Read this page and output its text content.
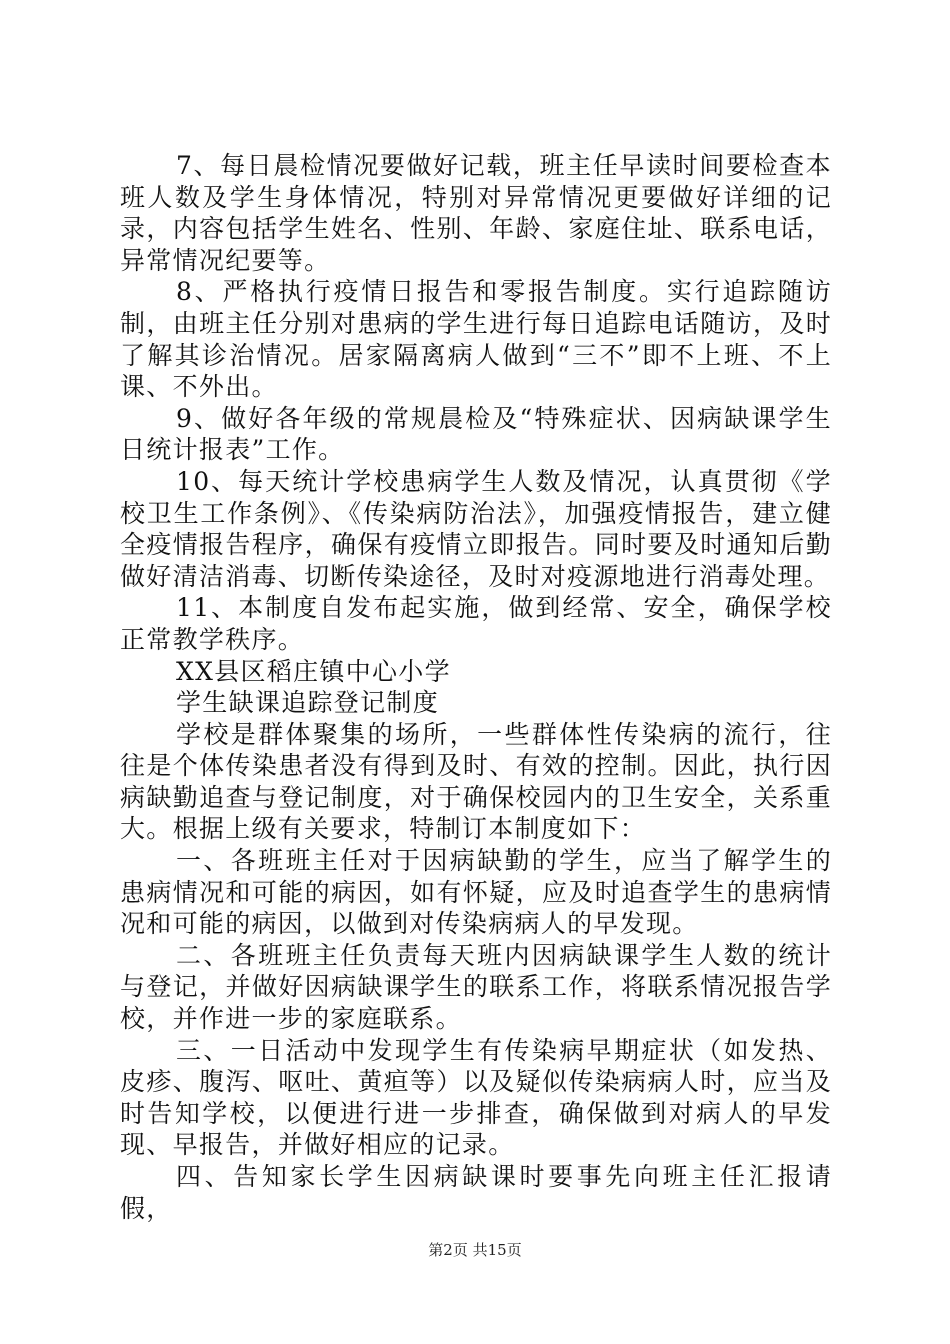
7、每日晨检情况要做好记载，班主任早读时间要检查本班人数及学生身体情况，特别对异常情况更要做好详细的记录，内容包括学生姓名、性别、年龄、家庭住址、联系电话，异常情况纪要等。

8、严格执行疫情日报告和零报告制度。实行追踪随访制，由班主任分别对患病的学生进行每日追踪电话随访，及时了解其诊治情况。居家隔离病人做到“三不”即不上班、不上课、不外出。

9、做好各年级的常规晨检及“特殊症状、因病缺课学生日统计报表”工作。

10、每天统计学校患病学生人数及情况，认真贯彻《学校卫生工作条例》、《传染病防治法》，加强疫情报告，建立健全疫情报告程序，确保有疫情立即报告。同时要及时通知后勤做好清洁消毒、切断传染途径，及时对疫源地进行消毒处理。

11、本制度自发布起实施，做到经常、安全，确保学校正常教学秩序。

XX县区稻庄镇中心小学

学生缺课追踪登记制度

学校是群体聚集的场所，一些群体性传染病的流行，往往是个体传染患者没有得到及时、有效的控制。因此，执行因病缺勤追查与登记制度，对于确保校园内的卫生安全，关系重大。根据上级有关要求，特制订本制度如下：

一、各班班主任对于因病缺勤的学生，应当了解学生的患病情况和可能的病因，如有怀疑，应及时追查学生的患病情况和可能的病因，以做到对传染病病人的早发现。

二、各班班主任负责每天班内因病缺课学生人数的统计与登记，并做好因病缺课学生的联系工作，将联系情况报告学校，并作进一步的家庭联系。

三、一日活动中发现学生有传染病早期症状（如发热、皮疹、腹泻、呕吐、黄疸等）以及疑似传染病病人时，应当及时告知学校，以便进行进一步排查，确保做到对病人的早发现、早报告，并做好相应的记录。

四、告知家长学生因病缺课时要事先向班主任汇报请假，

第2页 共15页
